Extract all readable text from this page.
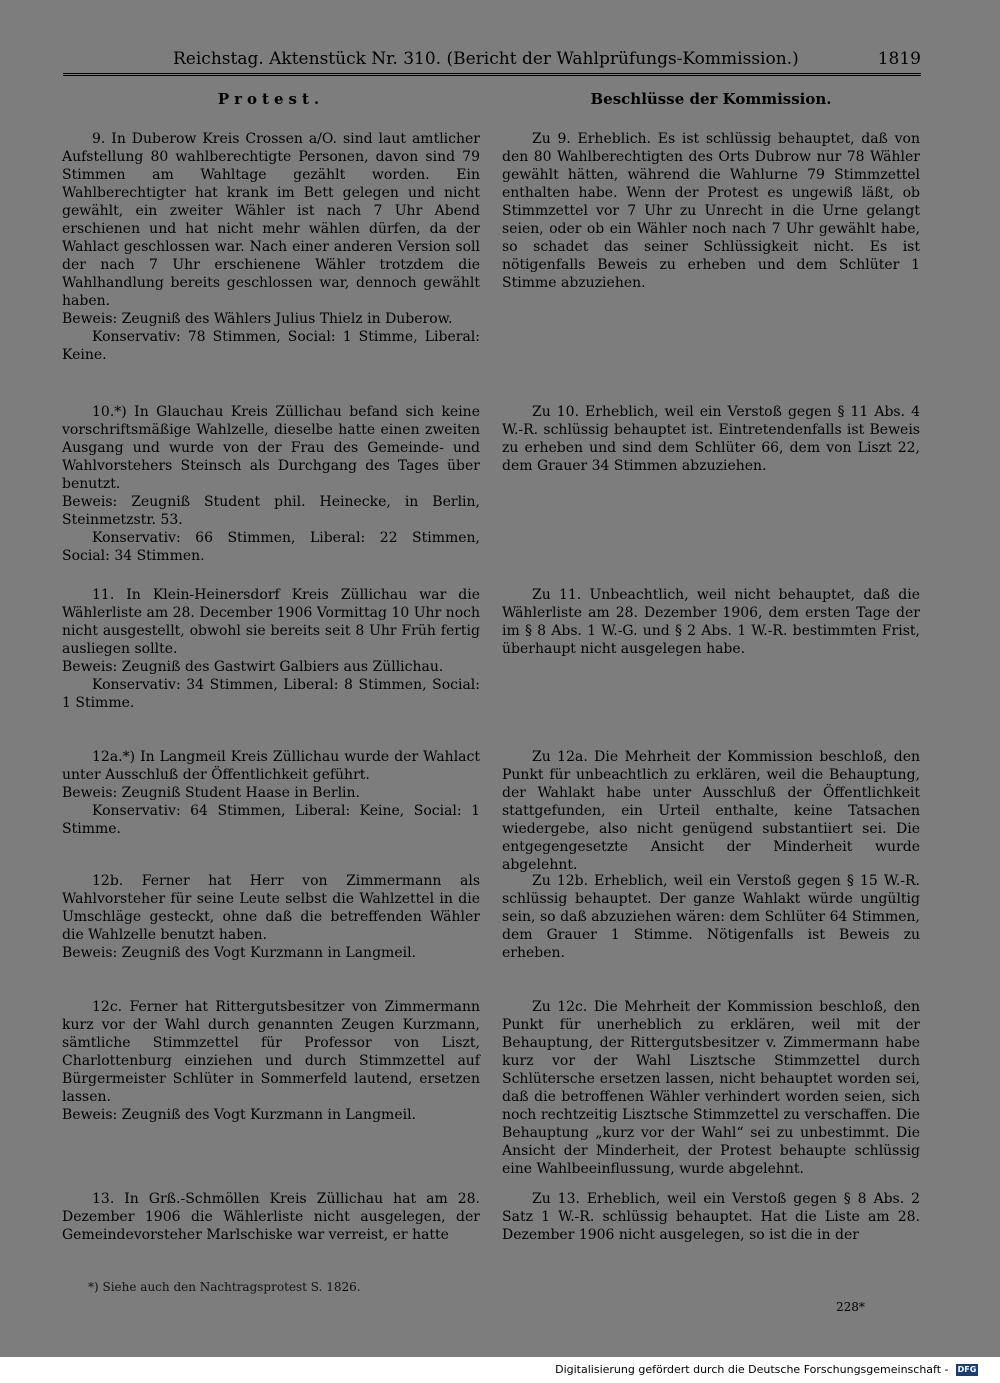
Reichstag. Aktenstück Nr. 310. (Bericht der Wahlprüfungs-Kommission.)	1819
Protest.

9. In Duberow Kreis Crossen a/O. sind laut amtlicher Aufstellung 80 wahlberechtigte Personen, davon sind 79 Stimmen am Wahltage gezählt worden. Ein Wahlberechtigter hat krank im Bett gelegen und nicht gewählt, ein zweiter Wähler ist nach 7 Uhr Abend erschienen und hat nicht mehr wählen dürfen, da der Wahlact geschlossen war. Nach einer anderen Version soll der nach 7 Uhr erschienene Wähler trotzdem die Wahlhandlung bereits geschlossen war, dennoch gewählt haben.

Beweis: Zeugniß des Wählers Julius Thielz in Duberow.

Konservativ: 78 Stimmen, Social: 1 Stimme, Liberal: Keine.

10.*) In Glauchau Kreis Züllichau befand sich keine vorschriftsmäßige Wahlzelle, dieselbe hatte einen zweiten Ausgang und wurde von der Frau des Gemeinde- und Wahlvorstehers Steinsch als Durchgang des Tages über benutzt.

Beweis: Zeugniß Student phil. Heinecke, in Berlin, Steinmetzstr. 53.

Konservativ: 66 Stimmen, Liberal: 22 Stimmen, Social: 34 Stimmen.

11. In Klein-Heinersdorf Kreis Züllichau war die Wählerliste am 28. December 1906 Vormittag 10 Uhr noch nicht ausgestellt, obwohl sie bereits seit 8 Uhr Früh fertig ausliegen sollte.

Beweis: Zeugniß des Gastwirt Galbiers aus Züllichau.

Konservativ: 34 Stimmen, Liberal: 8 Stimmen, Social: 1 Stimme.

12a.*) In Langmeil Kreis Züllichau wurde der Wahlact unter Ausschluß der Öffentlichkeit geführt.

Beweis: Zeugniß Student Haase in Berlin.

Konservativ: 64 Stimmen, Liberal: Keine, Social: 1 Stimme.

12b. Ferner hat Herr von Zimmermann als Wahlvorsteher für seine Leute selbst die Wahlzettel in die Umschläge gesteckt, ohne daß die betreffenden Wähler die Wahlzelle benutzt haben.

Beweis: Zeugniß des Vogt Kurzmann in Langmeil.

12c. Ferner hat Rittergutsbesitzer von Zimmermann kurz vor der Wahl durch genannten Zeugen Kurzmann, sämtliche Stimmzettel für Professor von Liszt, Charlottenburg einziehen und durch Stimmzettel auf Bürgermeister Schlüter in Sommerfeld lautend, ersetzen lassen.

Beweis: Zeugniß des Vogt Kurzmann in Langmeil.

13. In Grß.-Schmöllen Kreis Züllichau hat am 28. Dezember 1906 die Wählerliste nicht ausgelegen, der Gemeindevorsteher Marlschiske war verreist, er hatte

Beschlüsse der Kommission.

Zu 9. Erheblich. Es ist schlüssig behauptet, daß von den 80 Wahlberechtigten des Orts Dubrow nur 78 Wähler gewählt hätten, während die Wahlurne 79 Stimmzettel enthalten habe. Wenn der Protest es ungewiß läßt, ob Stimmzettel vor 7 Uhr zu Unrecht in die Urne gelangt seien, oder ob ein Wähler noch nach 7 Uhr gewählt habe, so schadet das seiner Schlüssigkeit nicht. Es ist nötigenfalls Beweis zu erheben und dem Schlüter 1 Stimme abzuziehen.

Zu 10. Erheblich, weil ein Verstoß gegen § 11 Abs. 4 W.-R. schlüssig behauptet ist. Eintretendenfalls ist Beweis zu erheben und sind dem Schlüter 66, dem von Liszt 22, dem Grauer 34 Stimmen abzuziehen.

Zu 11. Unbeachtlich, weil nicht behauptet, daß die Wählerliste am 28. Dezember 1906, dem ersten Tage der im § 8 Abs. 1 W.-G. und § 2 Abs. 1 W.-R. bestimmten Frist, überhaupt nicht ausgelegen habe.

Zu 12a. Die Mehrheit der Kommission beschloß, den Punkt für unbeachtlich zu erklären, weil die Behauptung, der Wahlakt habe unter Ausschluß der Öffentlichkeit stattgefunden, ein Urteil enthalte, keine Tatsachen wiedergebe, also nicht genügend substantiiert sei. Die entgegengesetzte Ansicht der Minderheit wurde abgelehnt.

Zu 12b. Erheblich, weil ein Verstoß gegen § 15 W.-R. schlüssig behauptet. Der ganze Wahlakt würde ungültig sein, so daß abzuziehen wären: dem Schlüter 64 Stimmen, dem Grauer 1 Stimme. Nötigenfalls ist Beweis zu erheben.

Zu 12c. Die Mehrheit der Kommission beschloß, den Punkt für unerheblich zu erklären, weil mit der Behauptung, der Rittergutsbesitzer v. Zimmermann habe kurz vor der Wahl Lisztsche Stimmzettel durch Schlütersche ersetzen lassen, nicht behauptet worden sei, daß die betroffenen Wähler verhindert worden seien, sich noch rechtzeitig Lisztsche Stimmzettel zu verschaffen. Die Behauptung „kurz vor der Wahl“ sei zu unbestimmt. Die Ansicht der Minderheit, der Protest behaupte schlüssig eine Wahlbeeinflussung, wurde abgelehnt.

Zu 13. Erheblich, weil ein Verstoß gegen § 8 Abs. 2 Satz 1 W.-R. schlüssig behauptet. Hat die Liste am 28. Dezember 1906 nicht ausgelegen, so ist die in der

*) Siehe auch den Nachtragsprotest S. 1826.
228*
Digitalisierung gefördert durch die Deutsche Forschungsgemeinschaft - DFG
